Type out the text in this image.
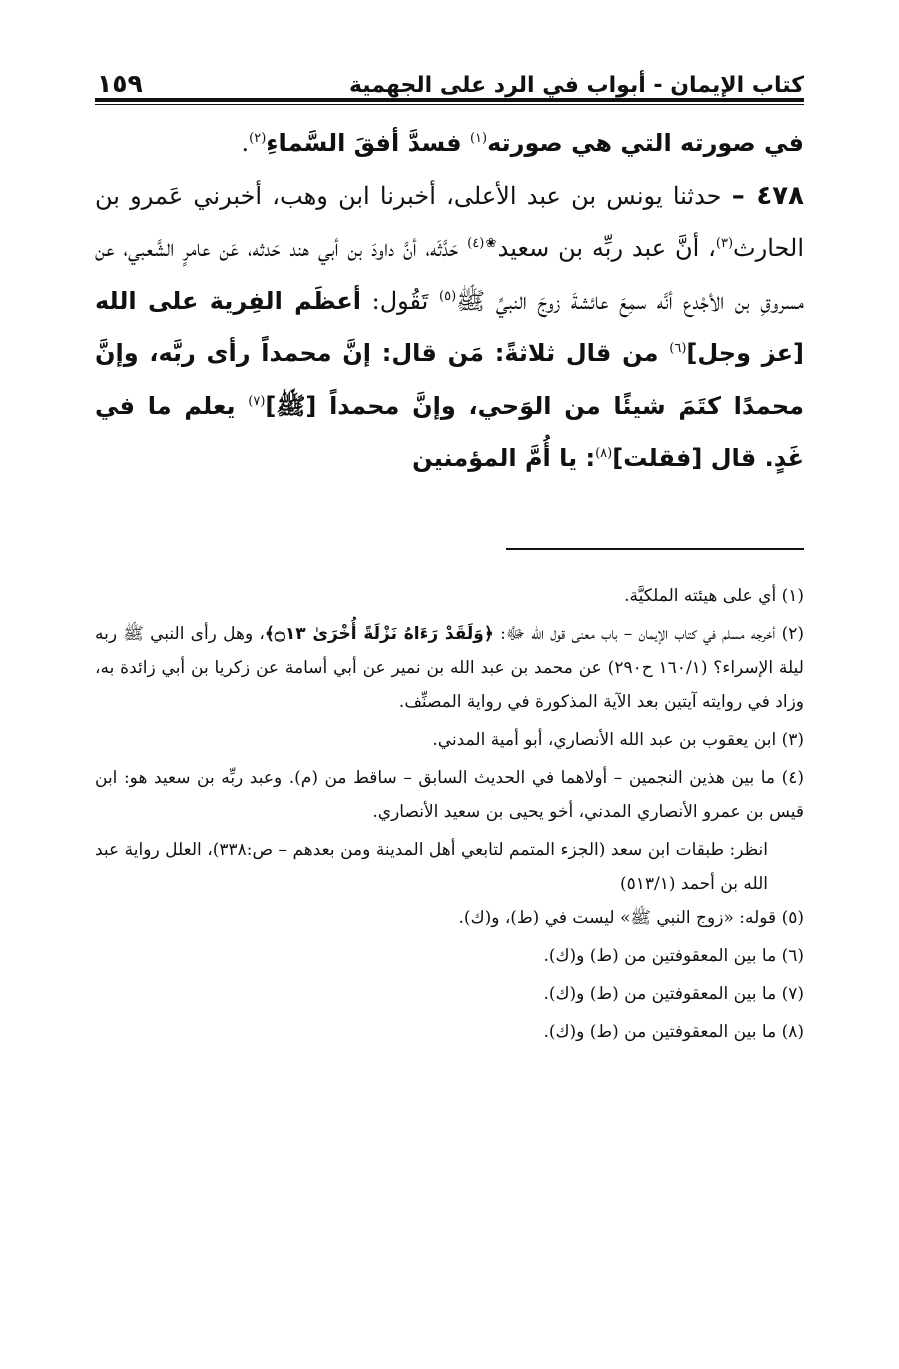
١٥٩	كتاب الإيمان - أبواب في الرد على الجهمية

في صورته التي هي صورته$^{(١)}$ فسدَّ أفقَ السَّماءِ$^{(٢)}$.

٤٧٨ – حدثنا يونس بن عبد الأعلى، أخبرنا ابن وهب، أخبرني عَمرو بن الحارث$^{(٣)}$، أنَّ عبد ربِّه بن سعيد$^{❀(٤)}$ حَدَّثَه، أنَّ داودَ بن أبي هند حَدثه، عَن عامرٍ الشَّعبي، عن مسروقِ بن الأجْدع أنَّه سمِعَ عائشةَ زوجَ النبيِّ ﷺ$^{(٥)}$ تَقُول: أعظَم الفِرية على الله [عز وجل]$^{(٦)}$ من قال ثلاثةً: مَن قال: إنَّ محمداً رأى ربَّه، وإنَّ محمدًا كتَمَ شيئًا من الوَحي، وإنَّ محمداً [ﷺ]$^{(٧)}$ يعلم ما في غَدٍ. قال [فقلت]$^{(٨)}$: يا أُمَّ المؤمنين

(١) أي على هيئته الملكيَّة.

(٢) أخرجه مسلم في كتاب الإيمان – باب معنى قول الله ﷻ: ﴿وَلَقَدْ رَءَاهُ نَزْلَةً أُخْرَىٰ ۝١٣﴾، وهل رأى النبي ﷺ ربه ليلة الإسراء؟ (١٦٠/١ ح٢٩٠) عن محمد بن عبد الله بن نمير عن أبي أسامة عن زكريا بن أبي زائدة به، وزاد في روايته آيتين بعد الآية المذكورة في رواية المصنِّف.

(٣) ابن يعقوب بن عبد الله الأنصاري، أبو أمية المدني.

(٤) ما بين هذين النجمين – أولاهما في الحديث السابق – ساقط من (م). وعبد ربِّه بن سعيد هو: ابن قيس بن عمرو الأنصاري المدني، أخو يحيى بن سعيد الأنصاري.

انظر: طبقات ابن سعد (الجزء المتمم لتابعي أهل المدينة ومن بعدهم – ص:٣٣٨)، العلل رواية عبد الله بن أحمد (٥١٣/١)

(٥) قوله: «زوج النبي ﷺ» ليست في (ط)، و(ك).

(٦) ما بين المعقوفتين من (ط) و(ك).

(٧) ما بين المعقوفتين من (ط) و(ك).

(٨) ما بين المعقوفتين من (ط) و(ك).
